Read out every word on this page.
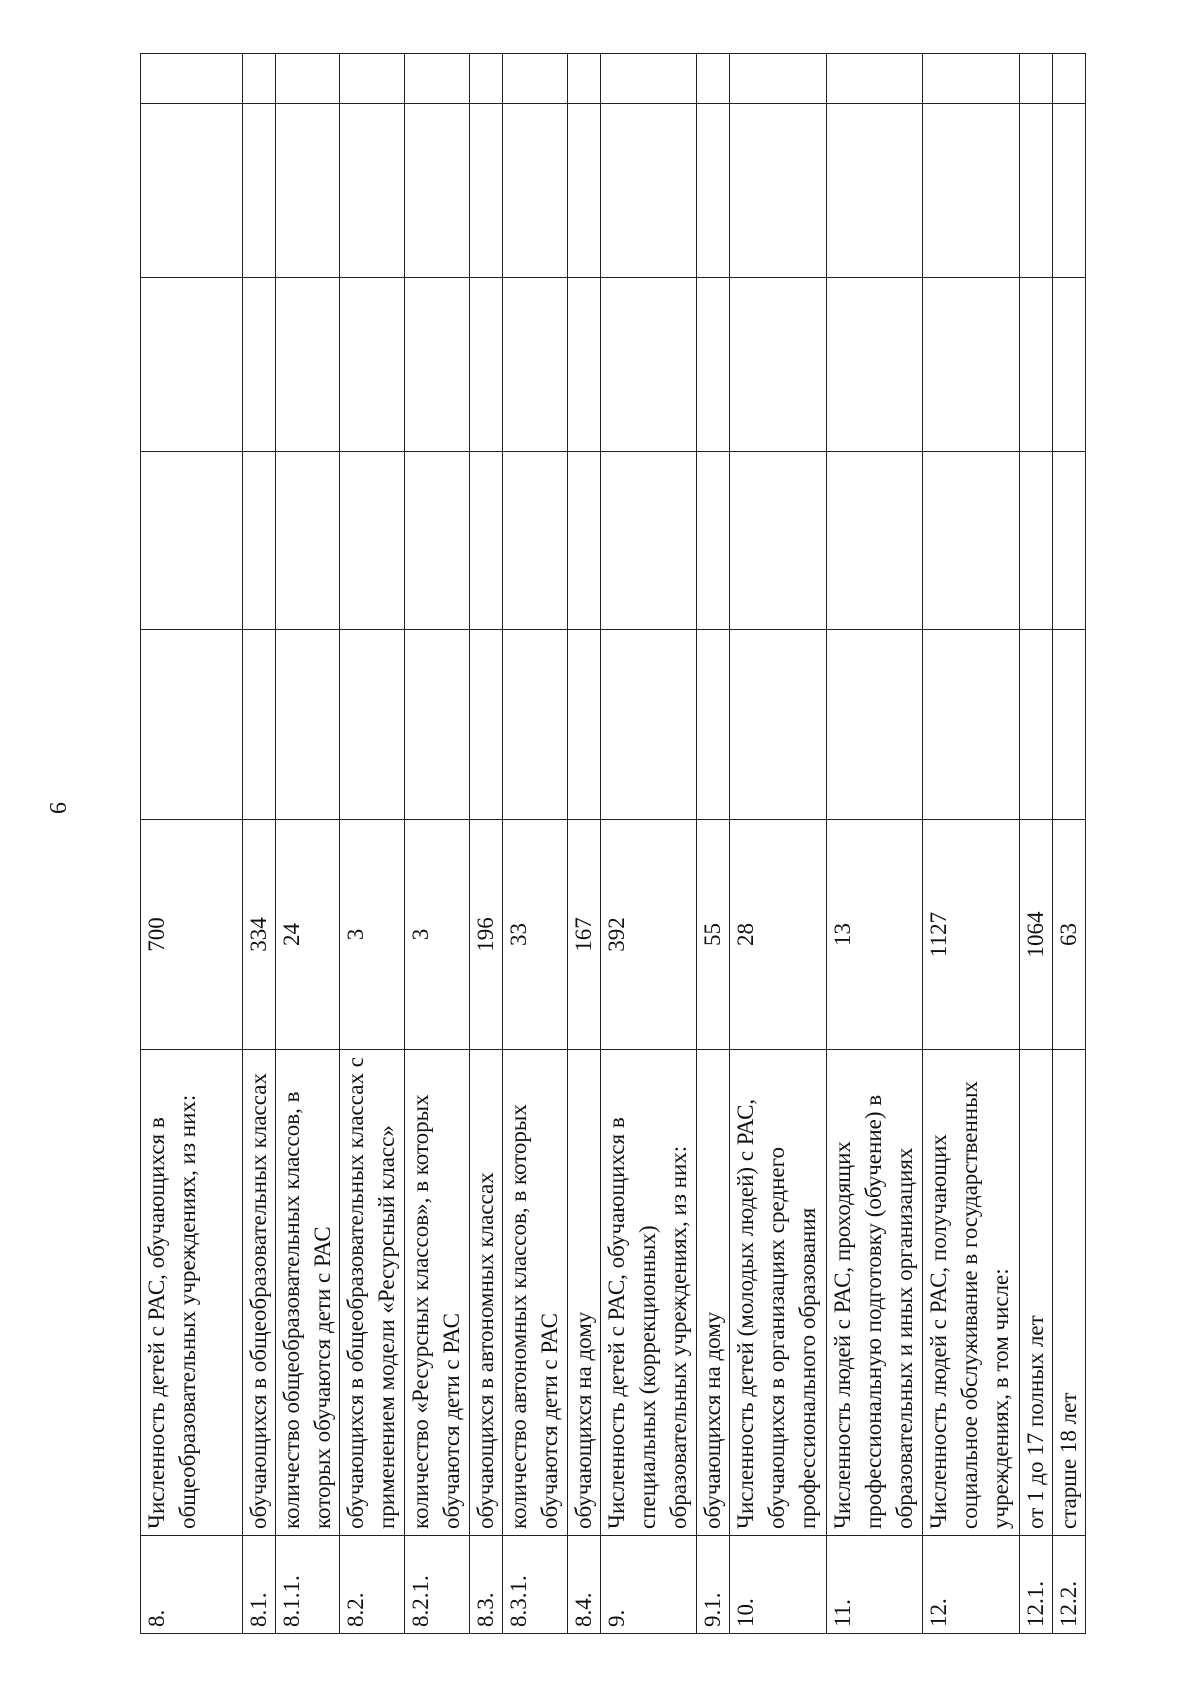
9
8.	Численность детей с РАС, обучающихся в общеобразовательных учреждениях, из них:	700					
8.1.	обучающихся в общеобразовательных классах	334					
8.1.1.	количество общеобразовательных классов, в которых обучаются дети с РАС	24					
8.2.	обучающихся в общеобразовательных классах с применением модели «Ресурсный класс»	3					
8.2.1.	количество «Ресурсных классов», в которых обучаются дети с РАС	3					
8.3.	обучающихся в автономных классах	196					
8.3.1.	количество автономных классов, в которых обучаются дети с РАС	33					
8.4.	обучающихся на дому	167					
9.	Численность детей с РАС, обучающихся в специальных (коррекционных) образовательных учреждениях, из них:	392					
9.1.	обучающихся на дому	55					
10.	Численность детей (молодых людей) с РАС, обучающихся в организациях среднего профессионального образования	28					
11.	Численность людей с РАС, проходящих профессиональную подготовку (обучение) в образовательных и иных организациях	13					
12.	Численность людей с РАС, получающих социальное обслуживание в государственных учреждениях, в том числе:	1127					
12.1.	от 1 до 17 полных лет	1064					
12.2.	старше 18 лет	63					
